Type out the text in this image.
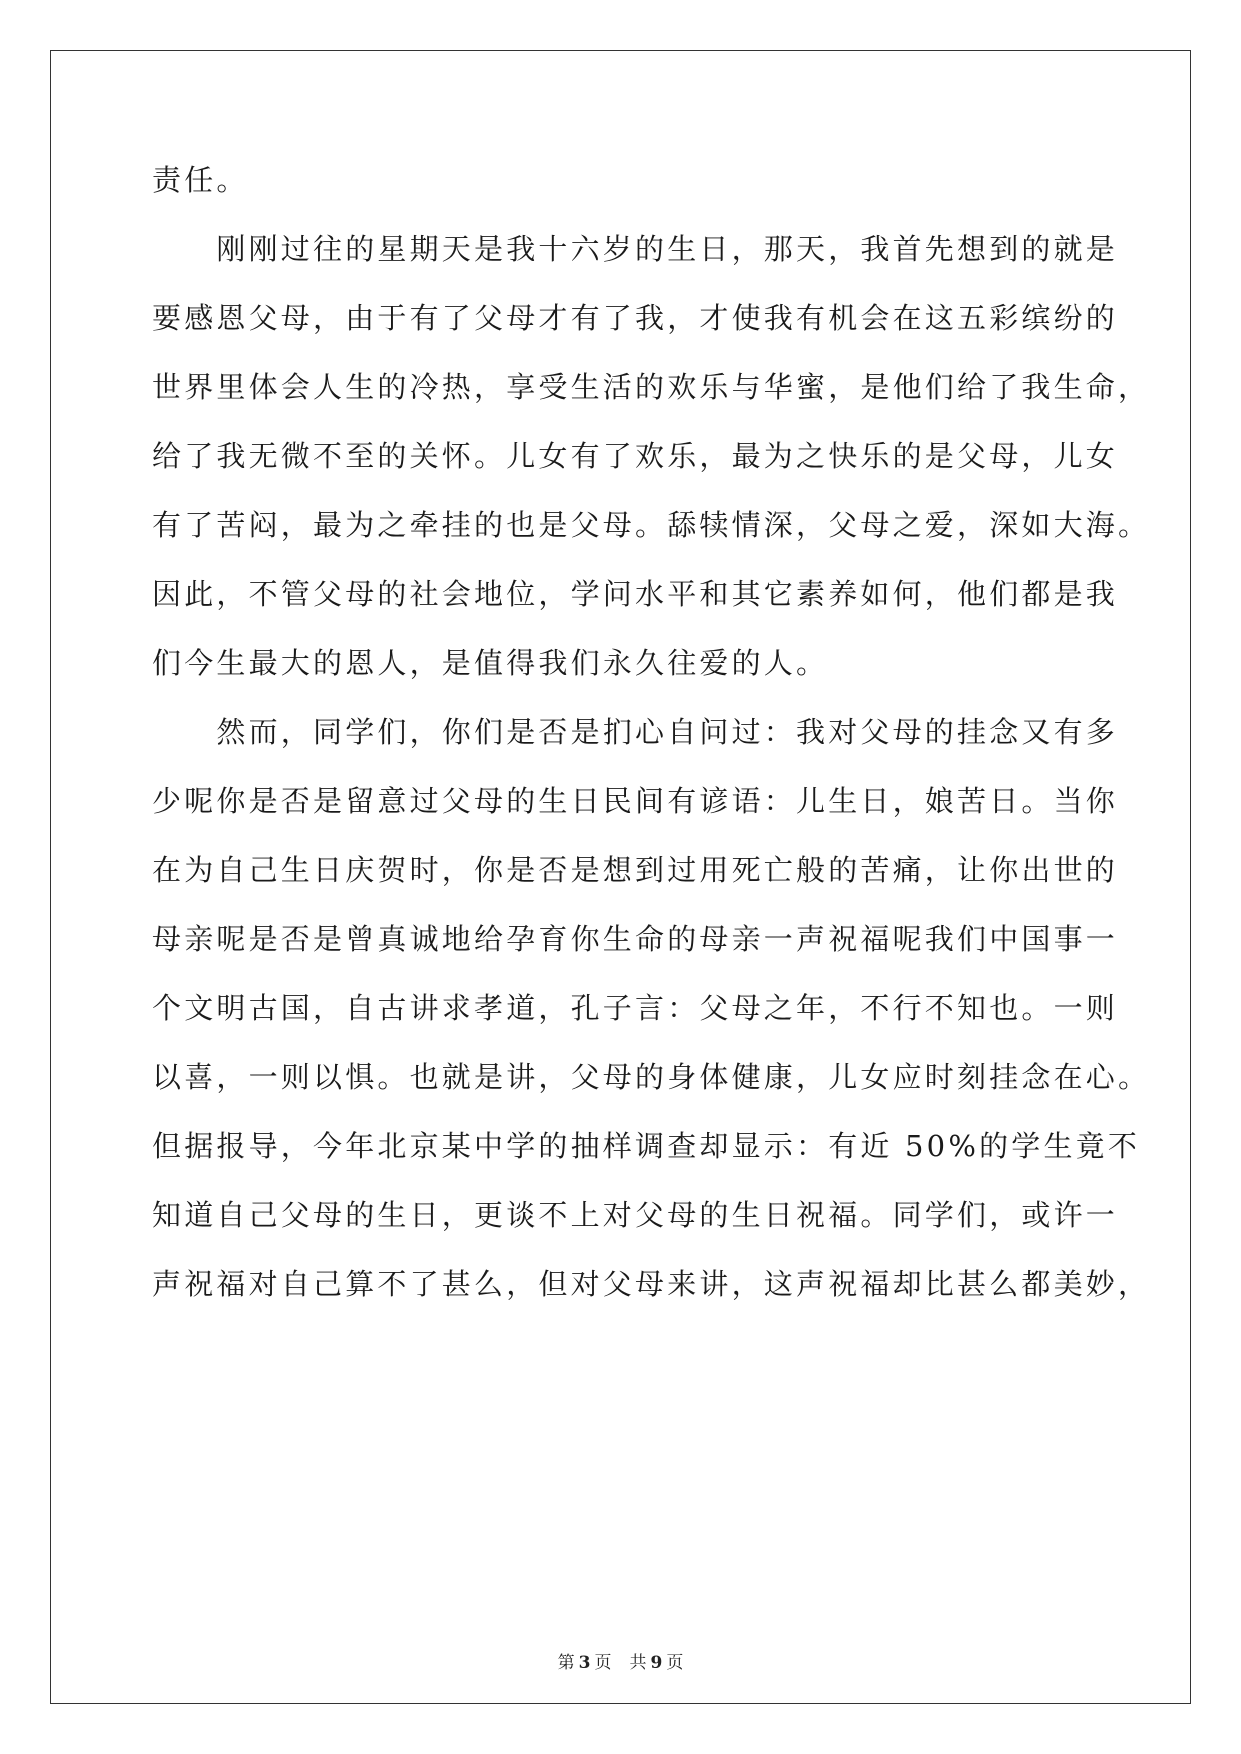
责任。
　　刚刚过往的星期天是我十六岁的生日，那天，我首先想到的就是
要感恩父母，由于有了父母才有了我，才使我有机会在这五彩缤纷的
世界里体会人生的冷热，享受生活的欢乐与华蜜，是他们给了我生命，
给了我无微不至的关怀。儿女有了欢乐，最为之快乐的是父母，儿女
有了苦闷，最为之牵挂的也是父母。舔犊情深，父母之爱，深如大海。
因此，不管父母的社会地位，学问水平和其它素养如何，他们都是我
们今生最大的恩人，是值得我们永久往爱的人。
　　然而，同学们，你们是否是扪心自问过：我对父母的挂念又有多
少呢你是否是留意过父母的生日民间有谚语：儿生日，娘苦日。当你
在为自己生日庆贺时，你是否是想到过用死亡般的苦痛，让你出世的
母亲呢是否是曾真诚地给孕育你生命的母亲一声祝福呢我们中国事一
个文明古国，自古讲求孝道，孔子言：父母之年，不行不知也。一则
以喜，一则以惧。也就是讲，父母的身体健康，儿女应时刻挂念在心。
但据报导，今年北京某中学的抽样调查却显示：有近 50%的学生竟不
知道自己父母的生日，更谈不上对父母的生日祝福。同学们，或许一
声祝福对自己算不了甚么，但对父母来讲，这声祝福却比甚么都美妙，
第 3 页 共 9 页
